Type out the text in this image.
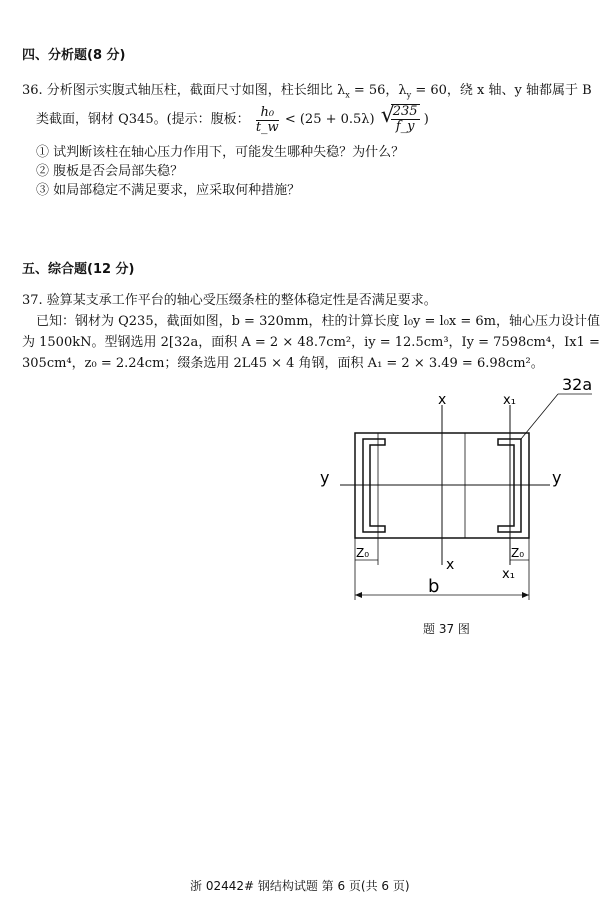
四、分析题(8 分)
36. 分析图示实腹式轴压柱，截面尺寸如图，柱长细比 $\lambda_x = 56$，$\lambda_y = 60$，绕 x 轴、y 轴都属于 B
类截面，钢材 Q345。(提示：腹板： $\frac{\text{h₀}}{t\_w} < (25 + 0.5\lambda)$ √
$\frac{235}{f\_y}$ )
① 试判断该柱在轴心压力作用下，可能发生哪种失稳？为什么？
② 腹板是否会局部失稳？
③ 如局部稳定不满足要求，应采取何种措施？
五、综合题(12 分)
37. 验算某支承工作平台的轴心受压缀条柱的整体稳定性是否满足要求。
已知：钢材为 Q235，截面如图，b = 320mm，柱的计算长度 l₀y = l₀x = 6m，轴心压力设计值
为 1500kN。型钢选用 2[32a，面积 A = 2 × 48.7cm²，iy = 12.5cm³，Iy = 7598cm⁴，Ix1 =
305cm⁴，z₀ = 2.24cm；缀条选用 2L45 × 4 角钢，面积 A₁ = 2 × 3.49 = 6.98cm²。
32a
x	x₁
y	y
x
x₁
Z₀	Z₀
b
题 37 图
浙 02442# 钢结构试题 第 6 页(共 6 页)
